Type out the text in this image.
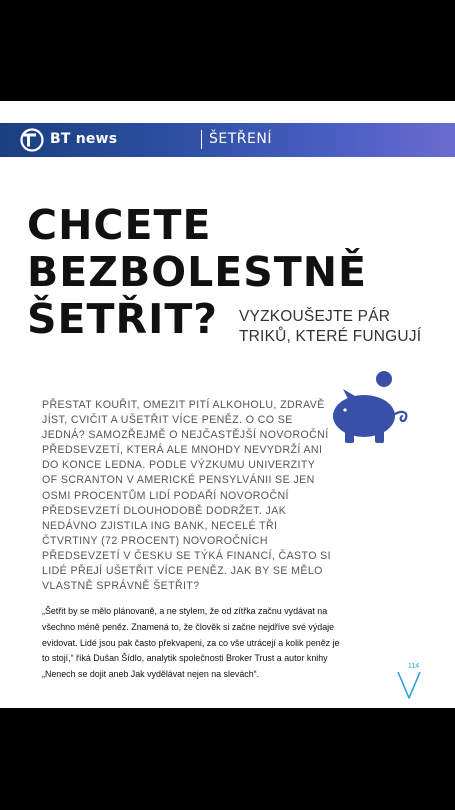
BT news	ŠETŘENÍ
CHCETE
BEZBOLESTNĚ
ŠETŘIT?	VYZKOUŠEJTE PÁR TRIKŮ, KTERÉ FUNGUJÍ
PŘESTAT KOUŘIT, OMEZIT PITÍ ALKOHOLU, ZDRAVĚ JÍST, CVIČIT A UŠETŘIT VÍCE PENĚZ. O CO SE JEDNÁ? SAMOZŘEJMĚ O NEJČASTĚJŠÍ NOVOROČNÍ PŘEDSEVZETÍ, KTERÁ ALE MNOHDY NEVYDRŽÍ ANI DO KONCE LEDNA. PODLE VÝZKUMU UNIVERZITY OF SCRANTON V AMERICKÉ PENSYLVÁNII SE JEN OSMI PROCENTŮM LIDÍ PODAŘÍ NOVOROČNÍ PŘEDSEVZETÍ DLOUHODOBĚ DODRŽET. JAK NEDÁVNO ZJISTILA ING BANK, NECELÉ TŘI ČTVRTINY (72 PROCENT) NOVOROČNÍCH PŘEDSEVZETÍ V ČESKU SE TÝKÁ FINANCÍ, ČASTO SI LIDÉ PŘEJÍ UŠETŘIT VÍCE PENĚZ. JAK BY SE MĚLO VLASTNĚ SPRÁVNĚ ŠETŘIT?
„Šetřit by se mělo plánovaně, a ne stylem, že od zítřka začnu vydávat na všechno méně peněz. Znamená to, že člověk si začne nejdříve své výdaje evidovat. Lidé jsou pak často překvapeni, za co vše utrácejí a kolik peněz je to stojí,“ říká Dušan Šídlo, analytik společnosti Broker Trust a autor knihy „Nenech se dojit aneb Jak vydělávat nejen na slevách“.
114
